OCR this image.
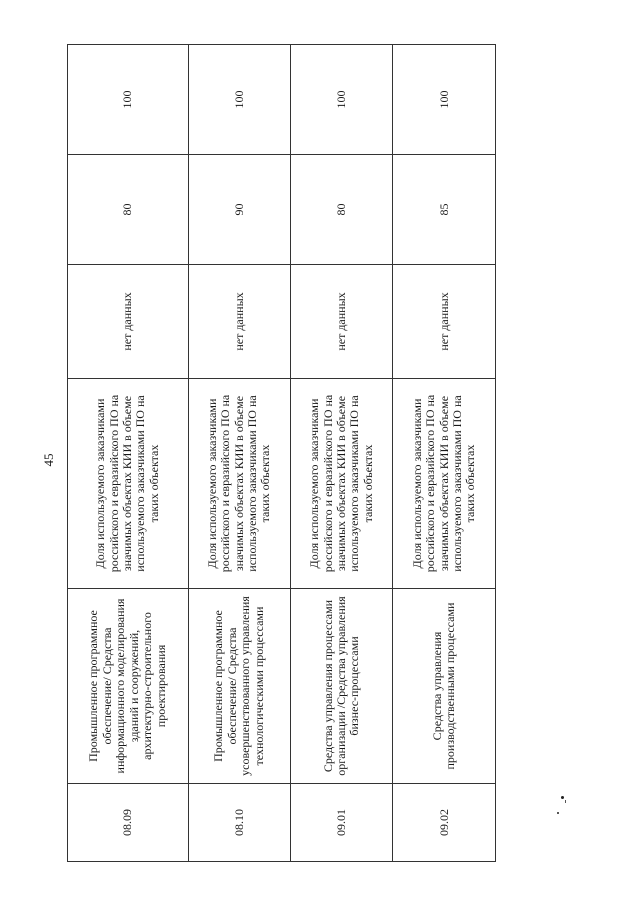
45
08.09	Промышленное программное обеспечение/ Средства информационного моделирования зданий и сооружений, архитектурно-строительного проектирования	Доля используемого заказчиками российского и евразийского ПО на значимых объектах КИИ в объеме используемого заказчиками ПО на таких объектах	нет данных	80	100
08.10	Промышленное программное обеспечение/ Средства усовершенствованного управления технологическими процессами	Доля используемого заказчиками российского и евразийского ПО на значимых объектах КИИ в объеме используемого заказчиками ПО на таких объектах	нет данных	90	100
09.01	Средства управления процессами организации /Средства управления бизнес-процессами	Доля используемого заказчиками российского и евразийского ПО на значимых объектах КИИ в объеме используемого заказчиками ПО на таких объектах	нет данных	80	100
09.02	Средства управления производственными процессами	Доля используемого заказчиками российского и евразийского ПО на значимых объектах КИИ в объеме используемого заказчиками ПО на таких объектах	нет данных	85	100
